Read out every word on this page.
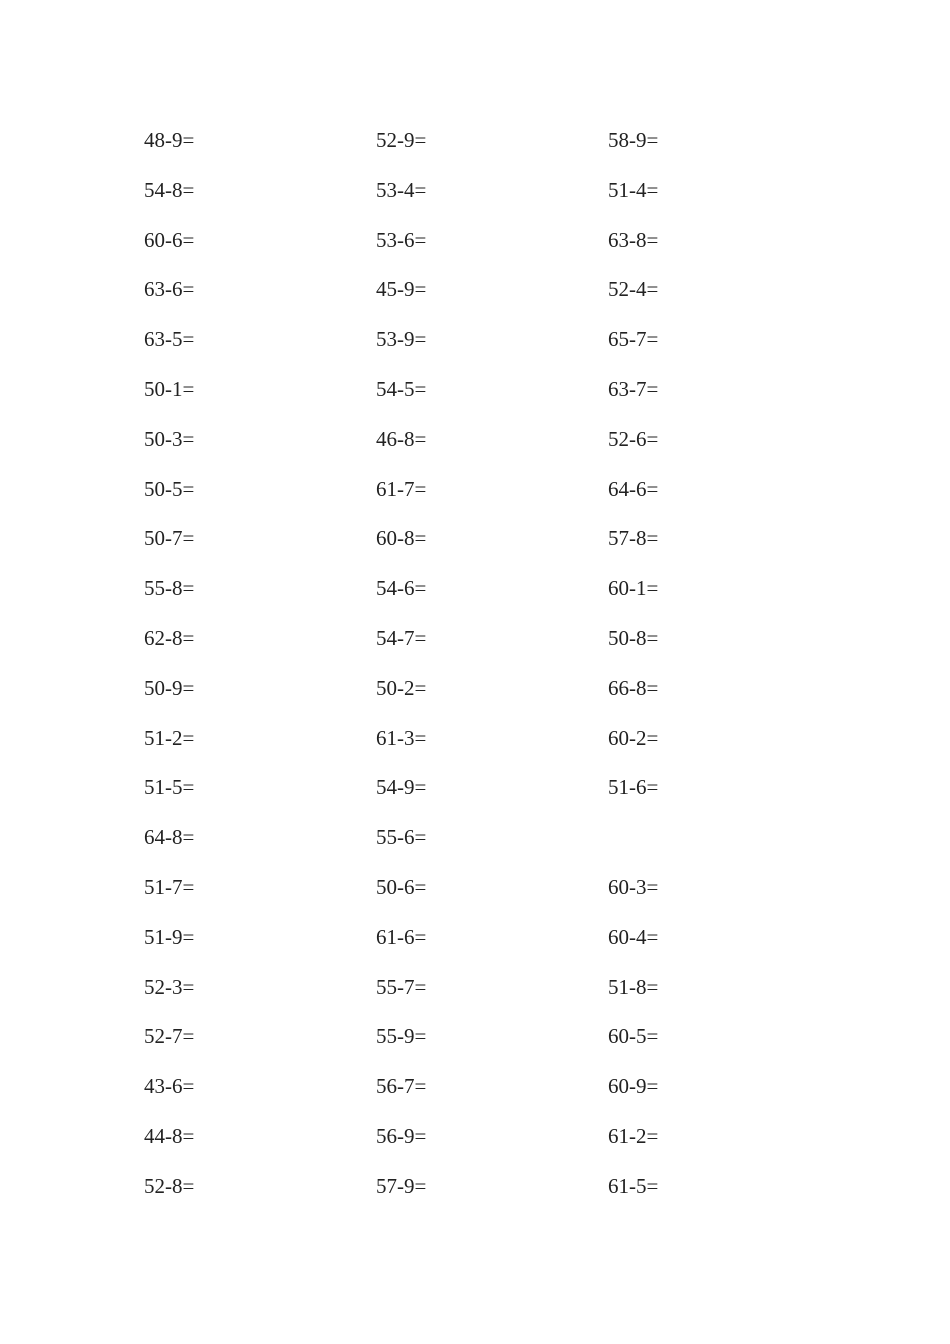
48-9=	52-9=	58-9=
54-8=	53-4=	51-4=
60-6=	53-6=	63-8=
63-6=	45-9=	52-4=
63-5=	53-9=	65-7=
50-1=	54-5=	63-7=
50-3=	46-8=	52-6=
50-5=	61-7=	64-6=
50-7=	60-8=	57-8=
55-8=	54-6=	60-1=
62-8=	54-7=	50-8=
50-9=	50-2=	66-8=
51-2=	61-3=	60-2=
51-5=	54-9=	51-6=
64-8=	55-6=
51-7=	50-6=	60-3=
51-9=	61-6=	60-4=
52-3=	55-7=	51-8=
52-7=	55-9=	60-5=
43-6=	56-7=	60-9=
44-8=	56-9=	61-2=
52-8=	57-9=	61-5=
